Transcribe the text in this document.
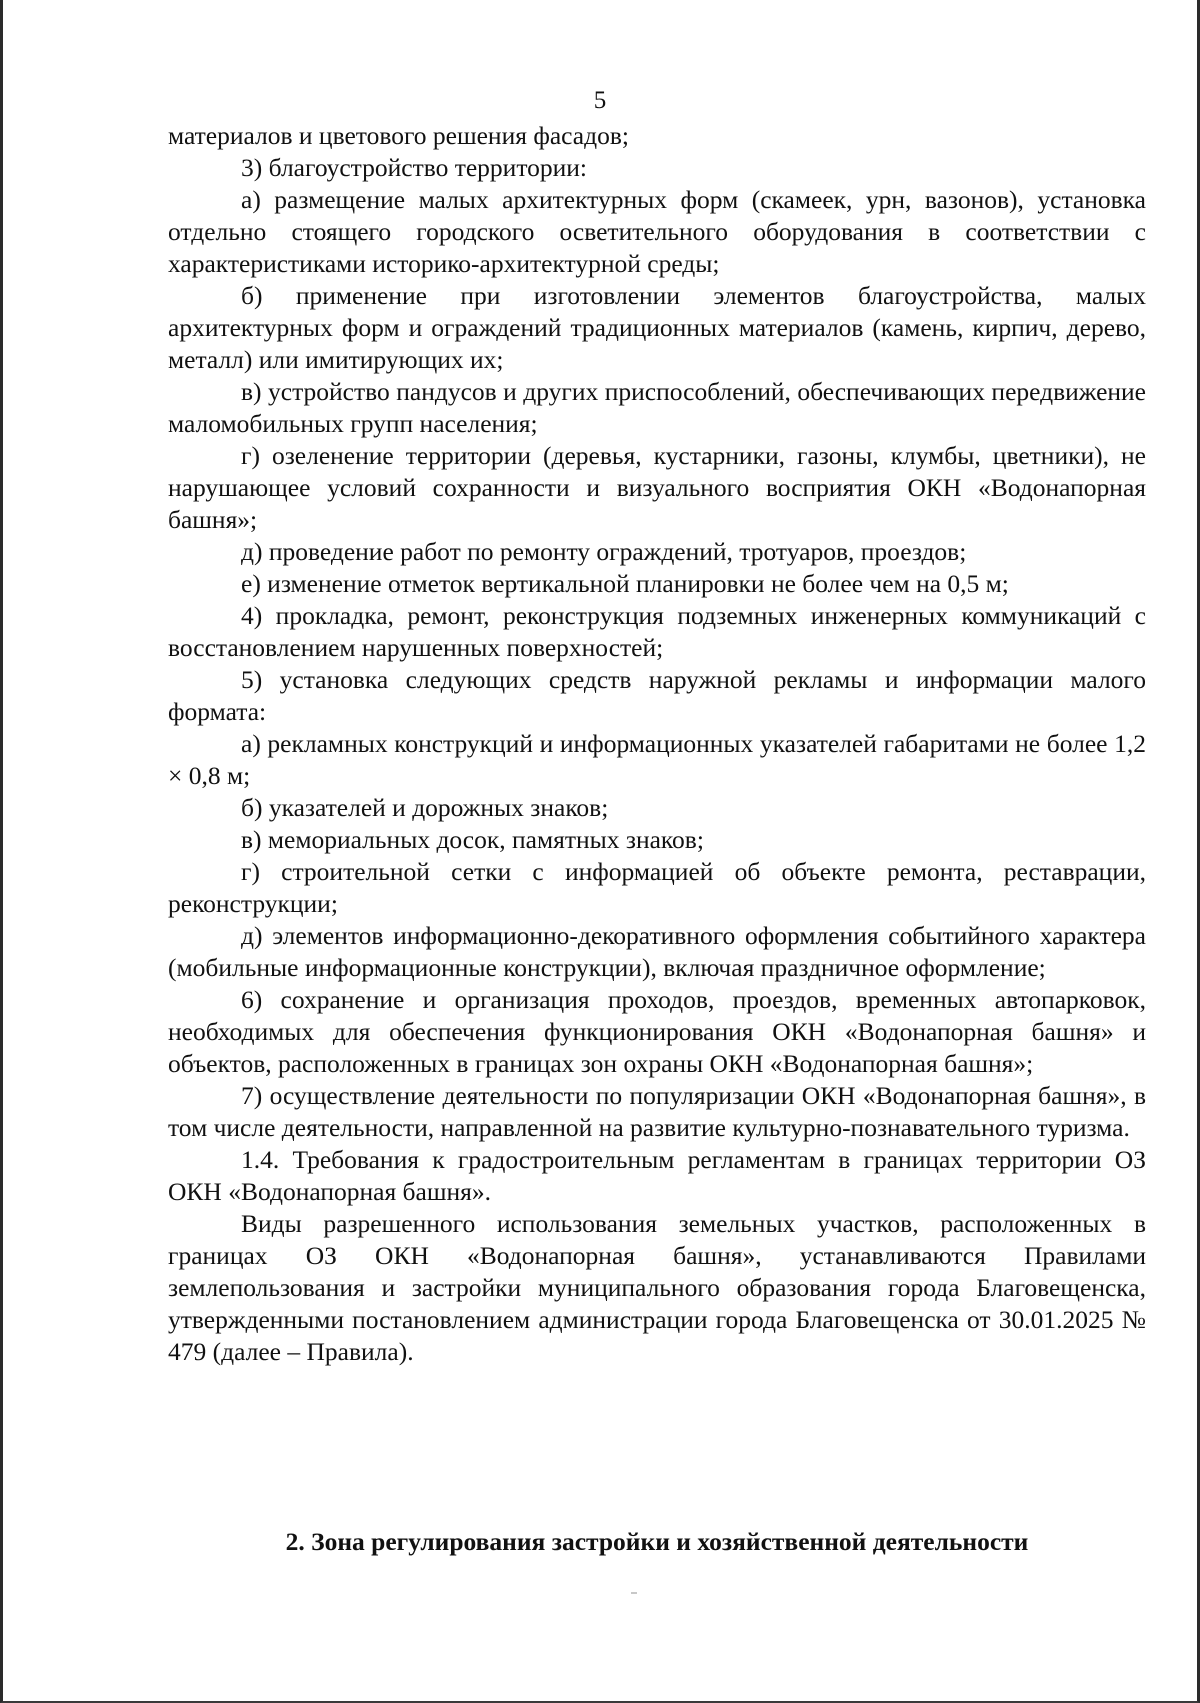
5

материалов и цветового решения фасадов;

3) благоустройство территории:

а) размещение малых архитектурных форм (скамеек, урн, вазонов), установка отдельно стоящего городского осветительного оборудования в соответствии с характеристиками историко-архитектурной среды;

б) применение при изготовлении элементов благоустройства, малых архитектурных форм и ограждений традиционных материалов (камень, кирпич, дерево, металл) или имитирующих их;

в) устройство пандусов и других приспособлений, обеспечивающих передвижение маломобильных групп населения;

г) озеленение территории (деревья, кустарники, газоны, клумбы, цветники), не нарушающее условий сохранности и визуального восприятия ОКН «Водонапорная башня»;

д) проведение работ по ремонту ограждений, тротуаров, проездов;

е) изменение отметок вертикальной планировки не более чем на 0,5 м;

4) прокладка, ремонт, реконструкция подземных инженерных коммуникаций с восстановлением нарушенных поверхностей;

5) установка следующих средств наружной рекламы и информации малого формата:

а) рекламных конструкций и информационных указателей габаритами не более 1,2 × 0,8 м;

б) указателей и дорожных знаков;

в) мемориальных досок, памятных знаков;

г) строительной сетки с информацией об объекте ремонта, реставрации, реконструкции;

д) элементов информационно-декоративного оформления событийного характера (мобильные информационные конструкции), включая праздничное оформление;

6) сохранение и организация проходов, проездов, временных автопарковок, необходимых для обеспечения функционирования ОКН «Водонапорная башня» и объектов, расположенных в границах зон охраны ОКН «Водонапорная башня»;

7) осуществление деятельности по популяризации ОКН «Водонапорная башня», в том числе деятельности, направленной на развитие культурно-познавательного туризма.

1.4. Требования к градостроительным регламентам в границах территории ОЗ ОКН «Водонапорная башня».

Виды разрешенного использования земельных участков, расположенных в границах ОЗ ОКН «Водонапорная башня», устанавливаются Правилами землепользования и застройки муниципального образования города Благовещенска, утвержденными постановлением администрации города Благовещенска от 30.01.2025 № 479 (далее – Правила).

2. Зона регулирования застройки и хозяйственной деятельности
